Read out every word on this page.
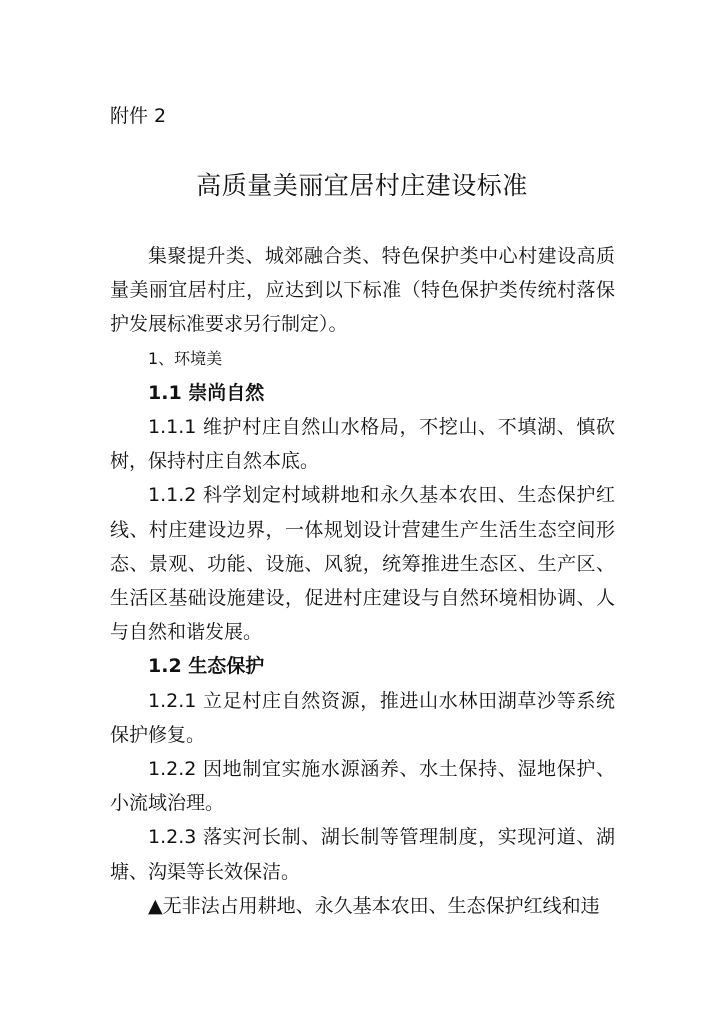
附件 2
高质量美丽宜居村庄建设标准

集聚提升类、城郊融合类、特色保护类中心村建设高质量美丽宜居村庄，应达到以下标准（特色保护类传统村落保护发展标准要求另行制定）。

1、环境美

1.1 崇尚自然

1.1.1 维护村庄自然山水格局，不挖山、不填湖、慎砍树，保持村庄自然本底。

1.1.2 科学划定村域耕地和永久基本农田、生态保护红线、村庄建设边界，一体规划设计营建生产生活生态空间形态、景观、功能、设施、风貌，统筹推进生态区、生产区、生活区基础设施建设，促进村庄建设与自然环境相协调、人与自然和谐发展。

1.2 生态保护

1.2.1 立足村庄自然资源，推进山水林田湖草沙等系统保护修复。

1.2.2 因地制宜实施水源涵养、水土保持、湿地保护、小流域治理。

1.2.3 落实河长制、湖长制等管理制度，实现河道、湖塘、沟渠等长效保洁。

▲无非法占用耕地、永久基本农田、生态保护红线和违
